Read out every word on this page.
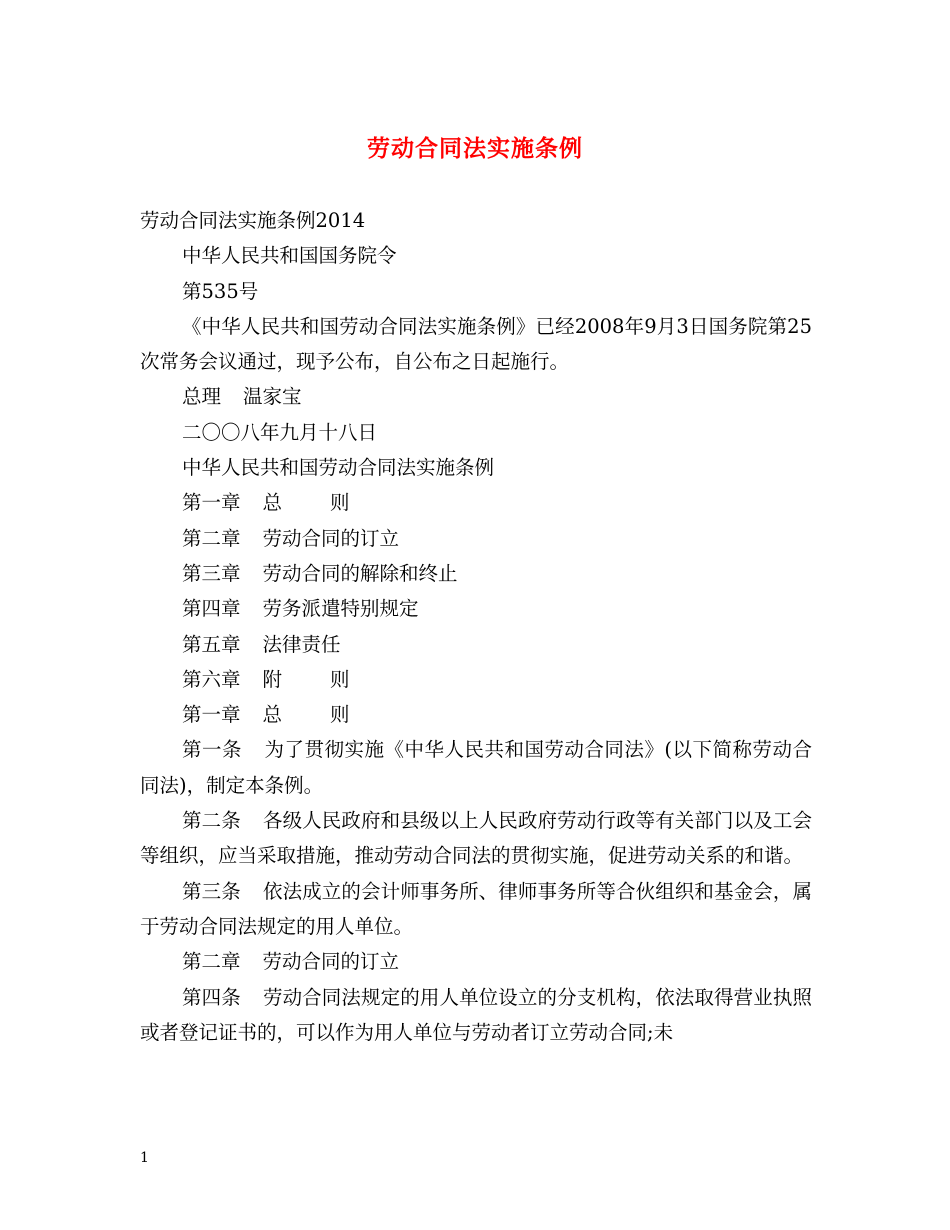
劳动合同法实施条例

劳动合同法实施条例2014

中华人民共和国国务院令

第535号

《中华人民共和国劳动合同法实施条例》已经2008年9月3日国务院第25次常务会议通过，现予公布，自公布之日起施行。

总理 温家宝

二〇〇八年九月十八日

中华人民共和国劳动合同法实施条例

第一章 总 则

第二章 劳动合同的订立

第三章 劳动合同的解除和终止

第四章 劳务派遣特别规定

第五章 法律责任

第六章 附 则

第一章 总 则

第一条 为了贯彻实施《中华人民共和国劳动合同法》(以下简称劳动合同法)，制定本条例。

第二条 各级人民政府和县级以上人民政府劳动行政等有关部门以及工会等组织，应当采取措施，推动劳动合同法的贯彻实施，促进劳动关系的和谐。

第三条 依法成立的会计师事务所、律师事务所等合伙组织和基金会，属于劳动合同法规定的用人单位。

第二章 劳动合同的订立

第四条 劳动合同法规定的用人单位设立的分支机构，依法取得营业执照或者登记证书的，可以作为用人单位与劳动者订立劳动合同;未

1
